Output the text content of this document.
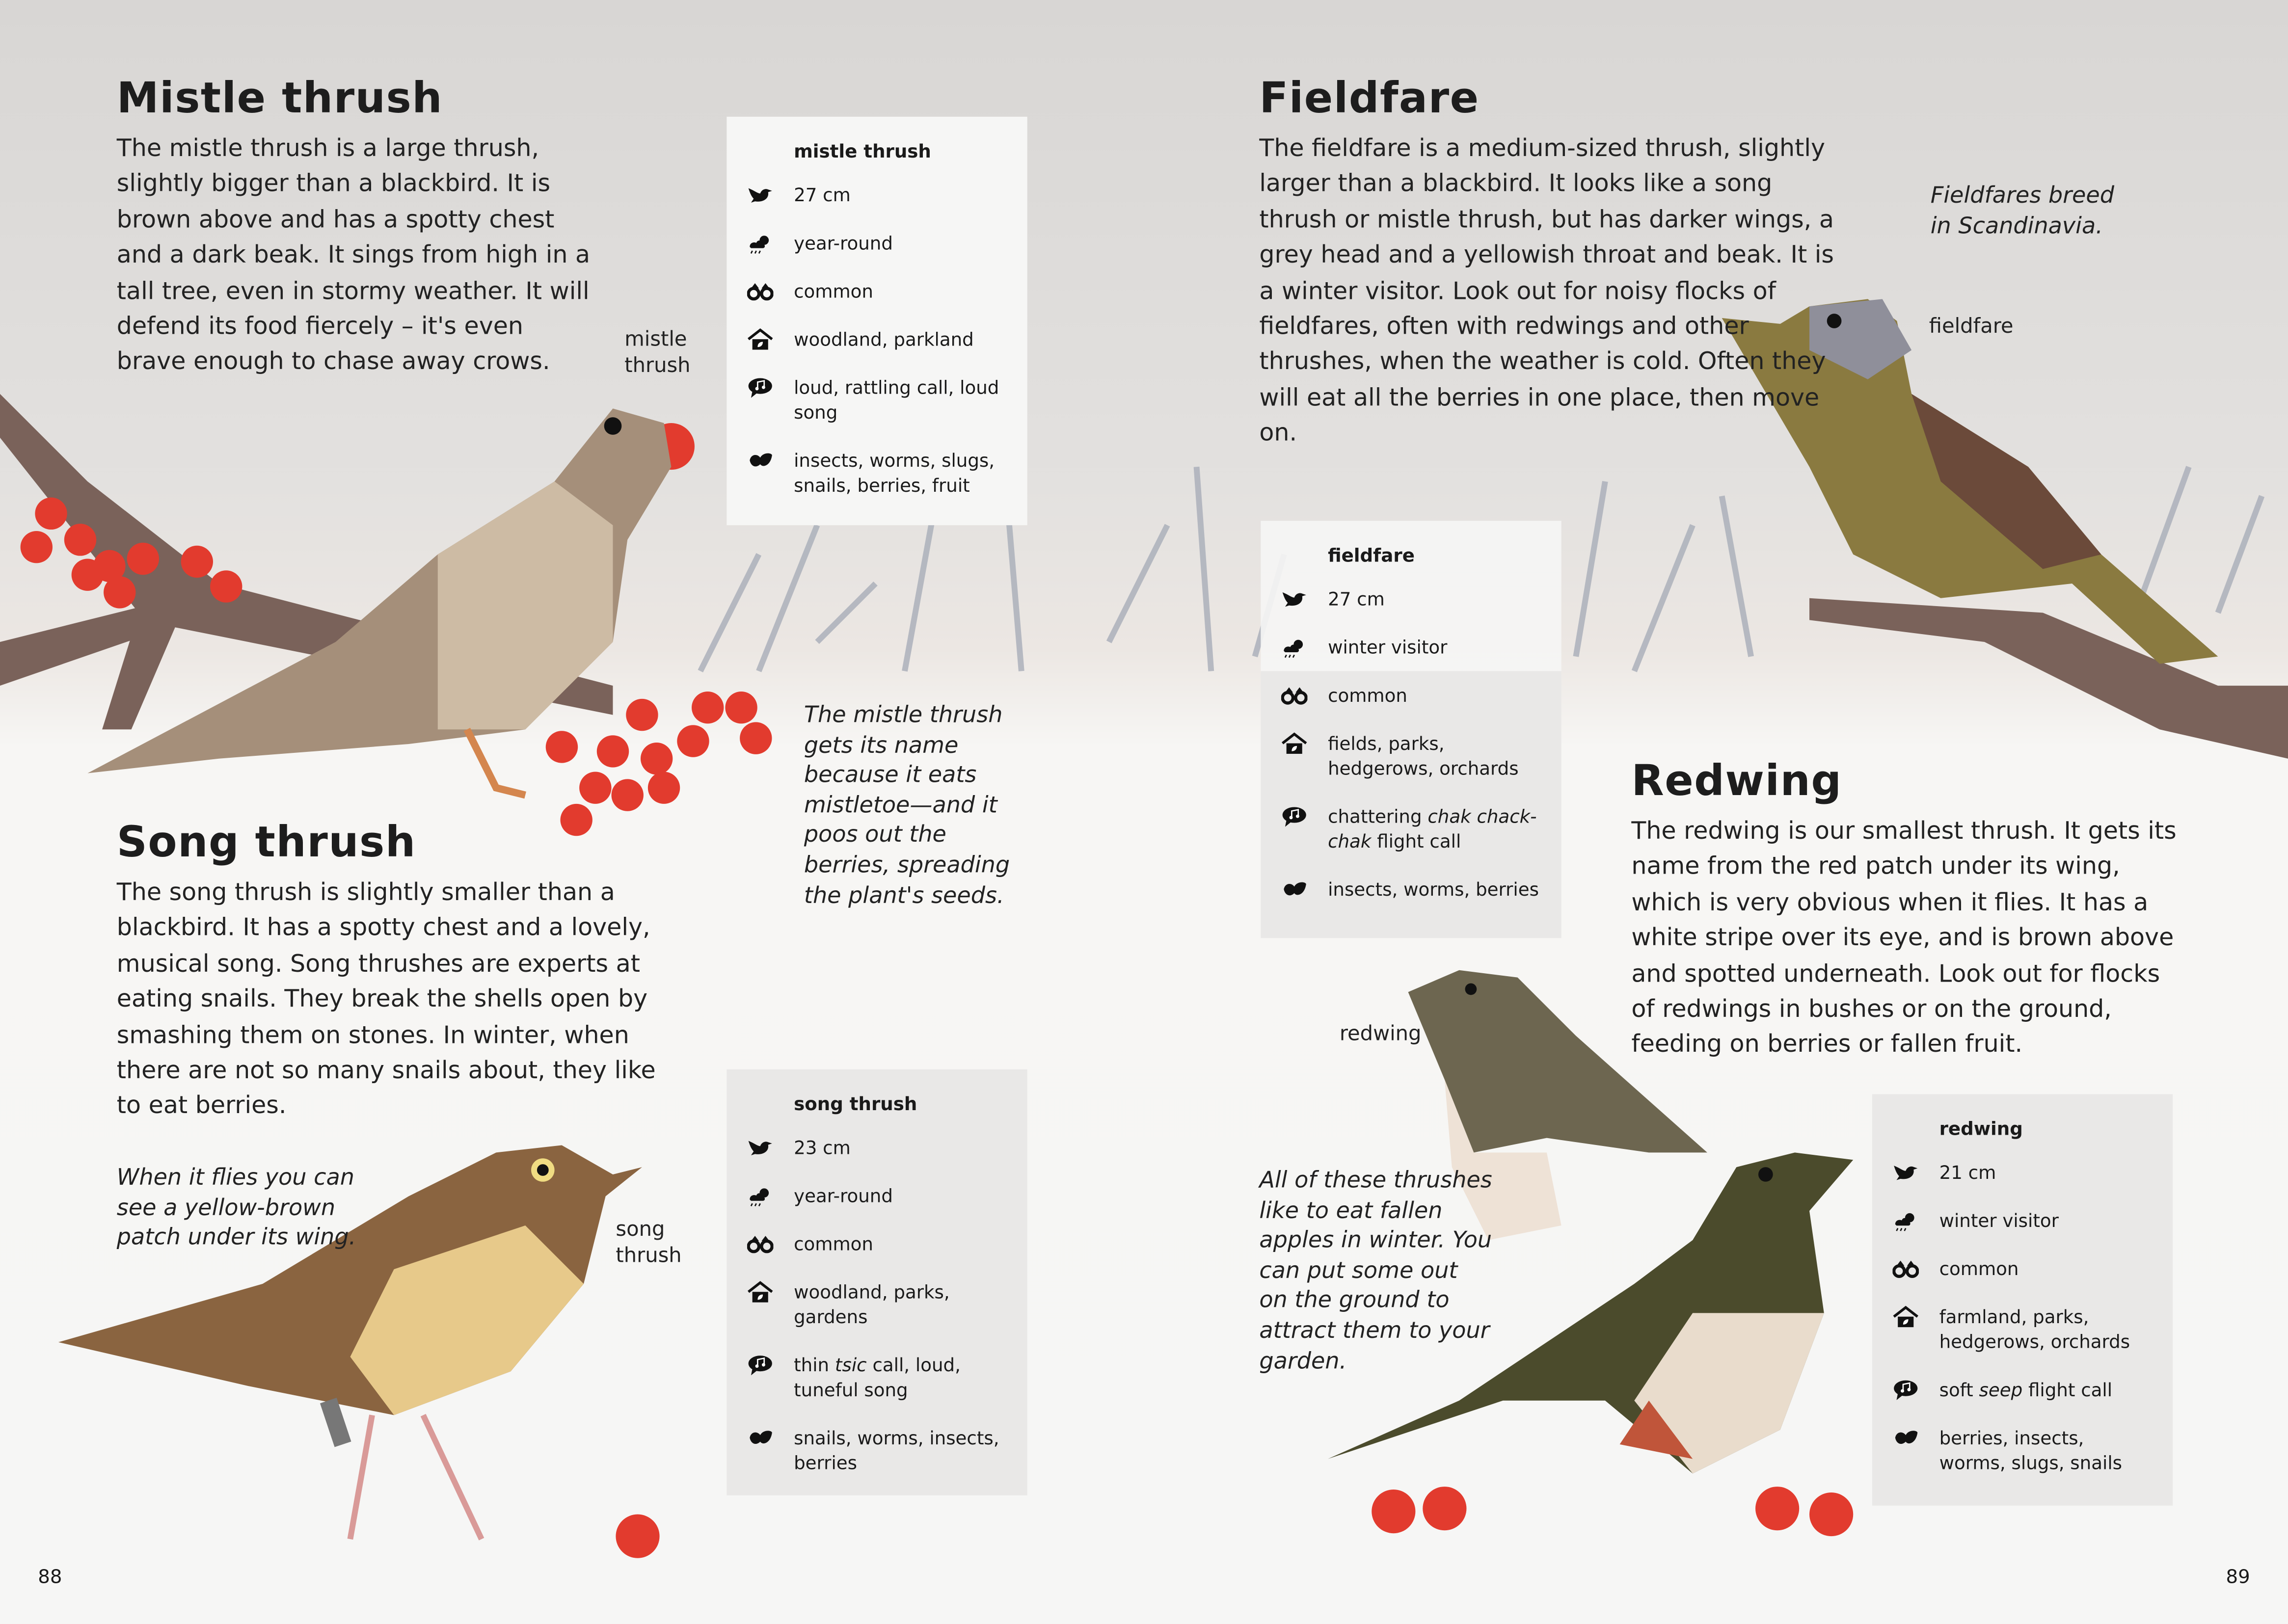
Mistle thrush
The mistle thrush is a large thrush, slightly bigger than a blackbird. It is brown above and has a spotty chest and a dark beak. It sings from high in a tall tree, even in stormy weather. It will defend its food fiercely – it's even brave enough to chase away crows.
mistle thrush
The mistle thrush gets its name because it eats mistletoe—and it poos out the berries, spreading the plant's seeds.
mistle thrush
27 cm
year-round
common
woodland, parkland
loud, rattling call, loud song
insects, worms, slugs, snails, berries, fruit
Song thrush
The song thrush is slightly smaller than a blackbird. It has a spotty chest and a lovely, musical song. Song thrushes are experts at eating snails. They break the shells open by smashing them on stones. In winter, when there are not so many snails about, they like to eat berries.
When it flies you can see a yellow-brown patch under its wing.	song thrush
song thrush
23 cm
year-round
common
woodland, parks, gardens
thin tsic call, loud, tuneful song
snails, worms, insects, berries
Fieldfare
The fieldfare is a medium-sized thrush, slightly larger than a blackbird. It looks like a song thrush or mistle thrush, but has darker wings, a grey head and a yellowish throat and beak. It is a winter visitor. Look out for noisy flocks of fieldfares, often with redwings and other thrushes, when the weather is cold. Often they will eat all the berries in one place, then move on.
Fieldfares breed in Scandinavia.
fieldfare
fieldfare
27 cm
winter visitor
common
fields, parks, hedgerows, orchards
chattering chak chack-chak flight call
insects, worms, berries
Redwing
The redwing is our smallest thrush. It gets its name from the red patch under its wing, which is very obvious when it flies. It has a white stripe over its eye, and is brown above and spotted underneath. Look out for flocks of redwings in bushes or on the ground, feeding on berries or fallen fruit.
redwing
All of these thrushes like to eat fallen apples in winter. You can put some out on the ground to attract them to your garden.
redwing
21 cm
winter visitor
common
farmland, parks, hedgerows, orchards
soft seep flight call
berries, insects, worms, slugs, snails
88	89
